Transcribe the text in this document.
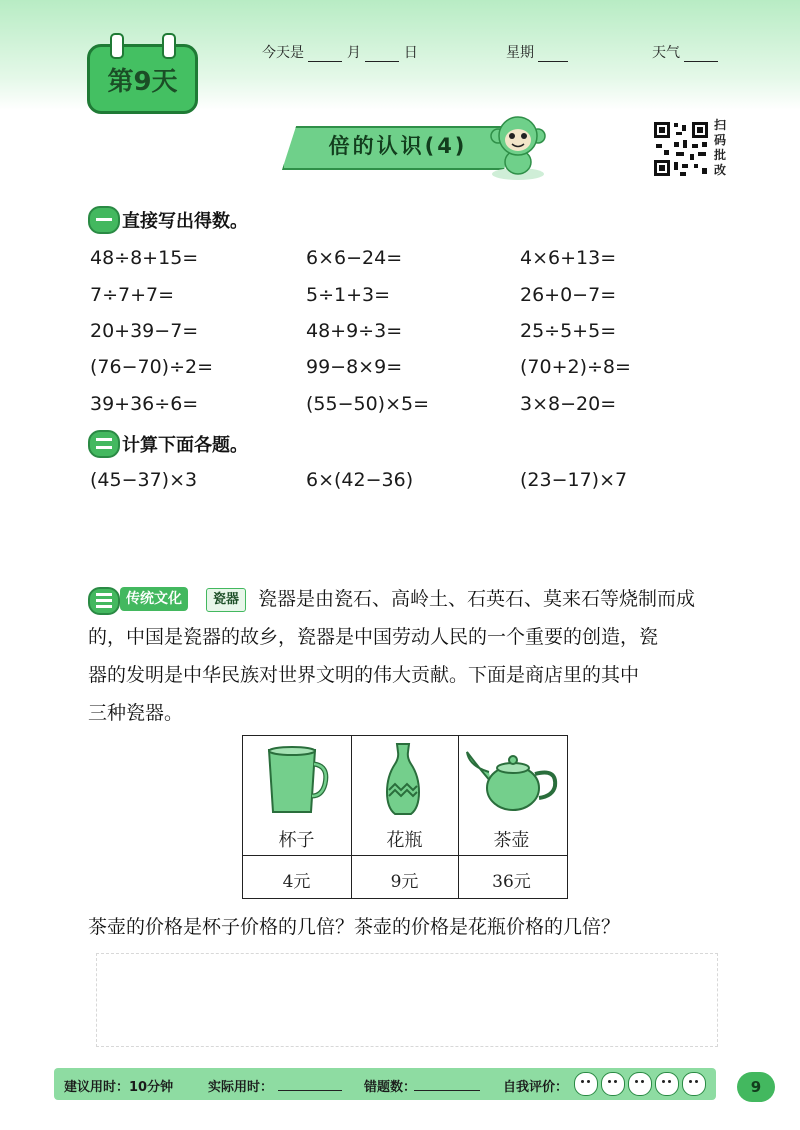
第9天
今天是	月	日	星期	天气
倍的认识(4)
扫
码
批
改
直接写出得数。
48÷8+15=	6×6−24=	4×6+13=
7÷7+7=	5÷1+3=	26+0−7=
20+39−7=	48+9÷3=	25÷5+5=
(76−70)÷2=	99−8×9=	(70+2)÷8=
39+36÷6=	(55−50)×5=	3×8−20=
计算下面各题。
(45−37)×3	6×(42−36)	(23−17)×7
传统文化	瓷器 瓷器是由瓷石、高岭土、石英石、莫来石等烧制而成
的，中国是瓷器的故乡，瓷器是中国劳动人民的一个重要的创造，瓷
器的发明是中华民族对世界文明的伟大贡献。下面是商店里的其中
三种瓷器。
杯子	花瓶	茶壶
4元	9元	36元
茶壶的价格是杯子价格的几倍？茶壶的价格是花瓶价格的几倍？
建议用时：10分钟	实际用时：	错题数：	自我评价：	9
